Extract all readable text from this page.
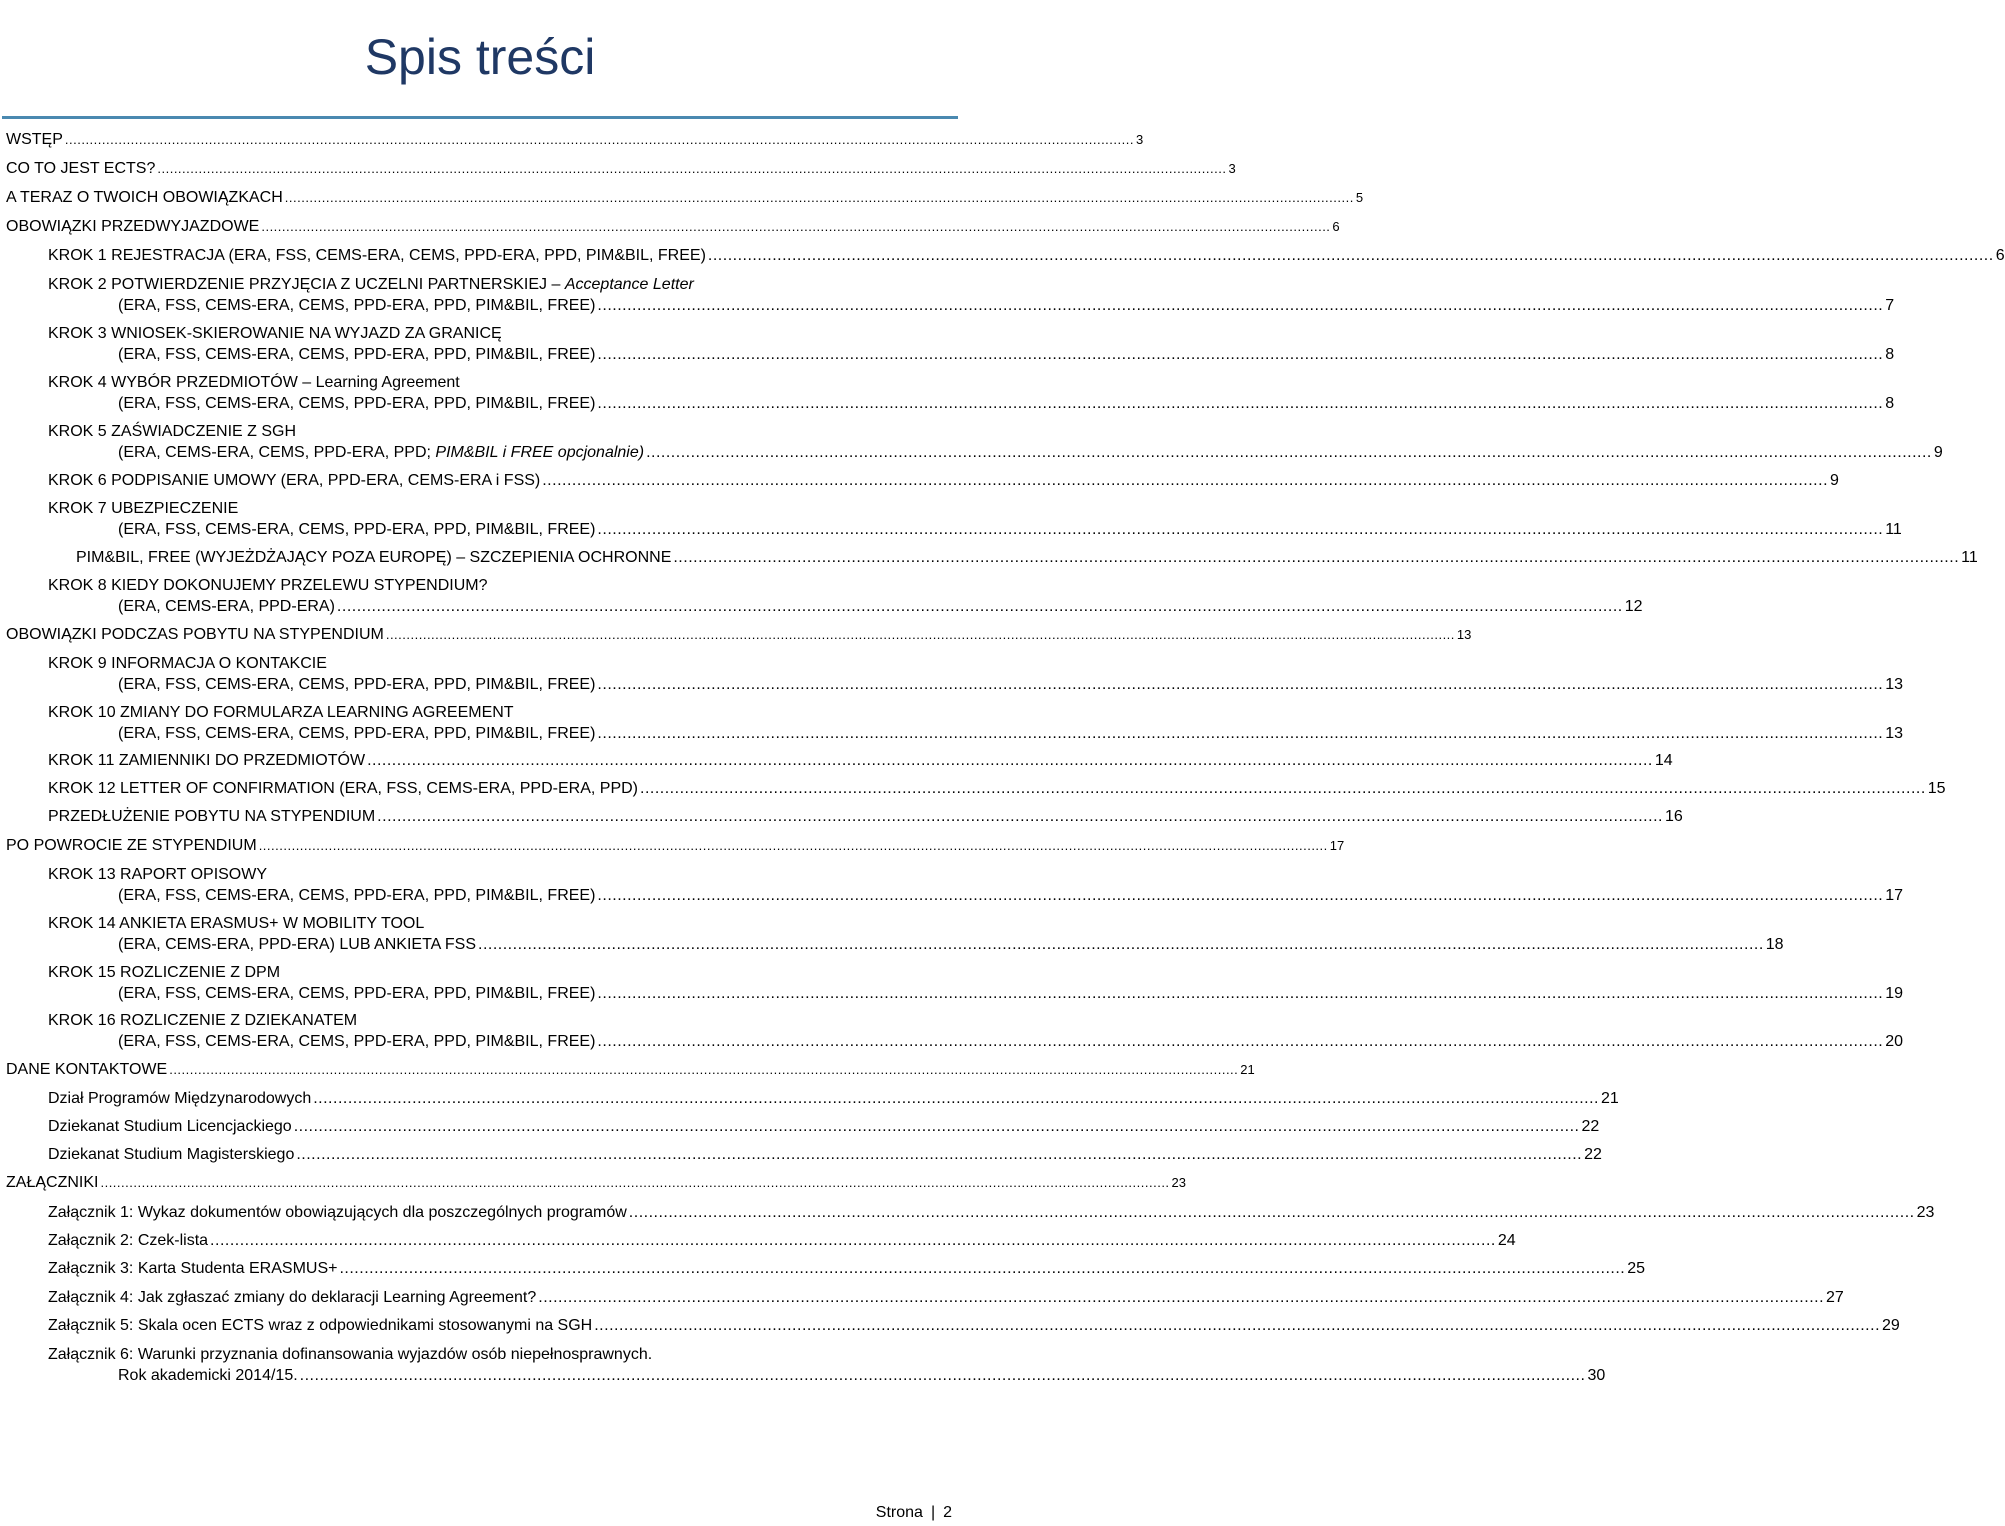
Spis treści
WSTĘP .................................................................................................................................................................................................................................................................... 3
CO TO JEST ECTS? .................................................................................................................................................................................................................................................................... 3
A TERAZ O TWOICH OBOWIĄZKACH .................................................................................................................................................................................................................................................................... 5
OBOWIĄZKI PRZEDWYJAZDOWE .................................................................................................................................................................................................................................................................... 6
KROK 1 REJESTRACJA (ERA, FSS, CEMS-ERA, CEMS, PPD-ERA, PPD, PIM&BIL, FREE) .................................................................................................................................................................................................................................................................... 6
KROK 2 POTWIERDZENIE PRZYJĘCIA Z UCZELNI PARTNERSKIEJ – Acceptance Letter
(ERA, FSS, CEMS-ERA, CEMS, PPD-ERA, PPD, PIM&BIL, FREE) .................................................................................................................................................................................................................................................................... 7
KROK 3 WNIOSEK-SKIEROWANIE NA WYJAZD ZA GRANICĘ
(ERA, FSS, CEMS-ERA, CEMS, PPD-ERA, PPD, PIM&BIL, FREE) .................................................................................................................................................................................................................................................................... 8
KROK 4 WYBÓR PRZEDMIOTÓW – Learning Agreement
(ERA, FSS, CEMS-ERA, CEMS, PPD-ERA, PPD, PIM&BIL, FREE) .................................................................................................................................................................................................................................................................... 8
KROK 5 ZAŚWIADCZENIE Z SGH
(ERA, CEMS-ERA, CEMS, PPD-ERA, PPD; PIM&BIL i FREE opcjonalnie) .................................................................................................................................................................................................................................................................... 9
KROK 6 PODPISANIE UMOWY (ERA, PPD-ERA, CEMS-ERA i FSS) .................................................................................................................................................................................................................................................................... 9
KROK 7 UBEZPIECZENIE
(ERA, FSS, CEMS-ERA, CEMS, PPD-ERA, PPD, PIM&BIL, FREE) .................................................................................................................................................................................................................................................................... 11
PIM&BIL, FREE (WYJEŻDŻAJĄCY POZA EUROPĘ) – SZCZEPIENIA OCHRONNE .................................................................................................................................................................................................................................................................... 11
KROK 8 KIEDY DOKONUJEMY PRZELEWU STYPENDIUM?
(ERA, CEMS-ERA, PPD-ERA) .................................................................................................................................................................................................................................................................... 12
OBOWIĄZKI PODCZAS POBYTU NA STYPENDIUM .................................................................................................................................................................................................................................................................... 13
KROK 9 INFORMACJA O KONTAKCIE
(ERA, FSS, CEMS-ERA, CEMS, PPD-ERA, PPD, PIM&BIL, FREE) .................................................................................................................................................................................................................................................................... 13
KROK 10 ZMIANY DO FORMULARZA LEARNING AGREEMENT
(ERA, FSS, CEMS-ERA, CEMS, PPD-ERA, PPD, PIM&BIL, FREE) .................................................................................................................................................................................................................................................................... 13
KROK 11 ZAMIENNIKI DO PRZEDMIOTÓW .................................................................................................................................................................................................................................................................... 14
KROK 12 LETTER OF CONFIRMATION (ERA, FSS, CEMS-ERA, PPD-ERA, PPD) .................................................................................................................................................................................................................................................................... 15
PRZEDŁUŻENIE POBYTU NA STYPENDIUM .................................................................................................................................................................................................................................................................... 16
PO POWROCIE ZE STYPENDIUM .................................................................................................................................................................................................................................................................... 17
KROK 13 RAPORT OPISOWY
(ERA, FSS, CEMS-ERA, CEMS, PPD-ERA, PPD, PIM&BIL, FREE) .................................................................................................................................................................................................................................................................... 17
KROK 14 ANKIETA ERASMUS+ W MOBILITY TOOL
(ERA, CEMS-ERA, PPD-ERA) LUB ANKIETA FSS .................................................................................................................................................................................................................................................................... 18
KROK 15 ROZLICZENIE Z DPM
(ERA, FSS, CEMS-ERA, CEMS, PPD-ERA, PPD, PIM&BIL, FREE) .................................................................................................................................................................................................................................................................... 19
KROK 16 ROZLICZENIE Z DZIEKANATEM
(ERA, FSS, CEMS-ERA, CEMS, PPD-ERA, PPD, PIM&BIL, FREE) .................................................................................................................................................................................................................................................................... 20
DANE KONTAKTOWE .................................................................................................................................................................................................................................................................... 21
Dział Programów Międzynarodowych .................................................................................................................................................................................................................................................................... 21
Dziekanat Studium Licencjackiego .................................................................................................................................................................................................................................................................... 22
Dziekanat Studium Magisterskiego .................................................................................................................................................................................................................................................................... 22
ZAŁĄCZNIKI .................................................................................................................................................................................................................................................................... 23
Załącznik 1: Wykaz dokumentów obowiązujących dla poszczególnych programów .................................................................................................................................................................................................................................................................... 23
Załącznik 2: Czek-lista .................................................................................................................................................................................................................................................................... 24
Załącznik 3: Karta Studenta ERASMUS+ .................................................................................................................................................................................................................................................................... 25
Załącznik 4: Jak zgłaszać zmiany do deklaracji Learning Agreement? .................................................................................................................................................................................................................................................................... 27
Załącznik 5: Skala ocen ECTS wraz z odpowiednikami stosowanymi na SGH .................................................................................................................................................................................................................................................................... 29
Załącznik 6: Warunki przyznania dofinansowania wyjazdów osób niepełnosprawnych.
Rok akademicki 2014/15. .................................................................................................................................................................................................................................................................... 30
Strona | 2
